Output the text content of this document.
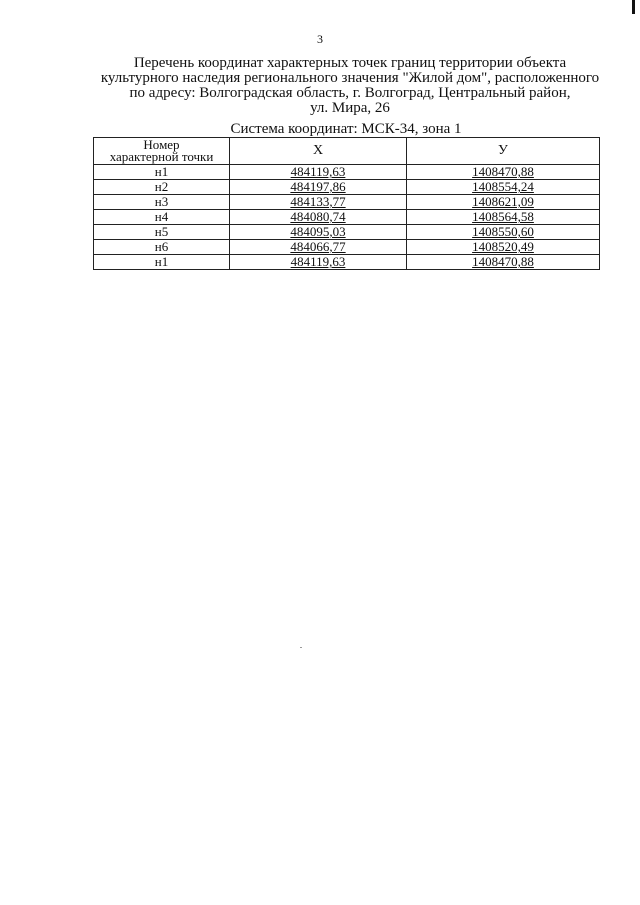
3
Перечень координат характерных точек границ территории объекта
культурного наследия регионального значения "Жилой дом", расположенного
по адресу: Волгоградская область, г. Волгоград, Центральный район,
ул. Мира, 26
Система координат: МСК-34, зона 1
Номер
характерной точки	X	У
н1	484119,63	1408470,88
н2	484197,86	1408554,24
н3	484133,77	1408621,09
н4	484080,74	1408564,58
н5	484095,03	1408550,60
н6	484066,77	1408520,49
н1	484119,63	1408470,88
